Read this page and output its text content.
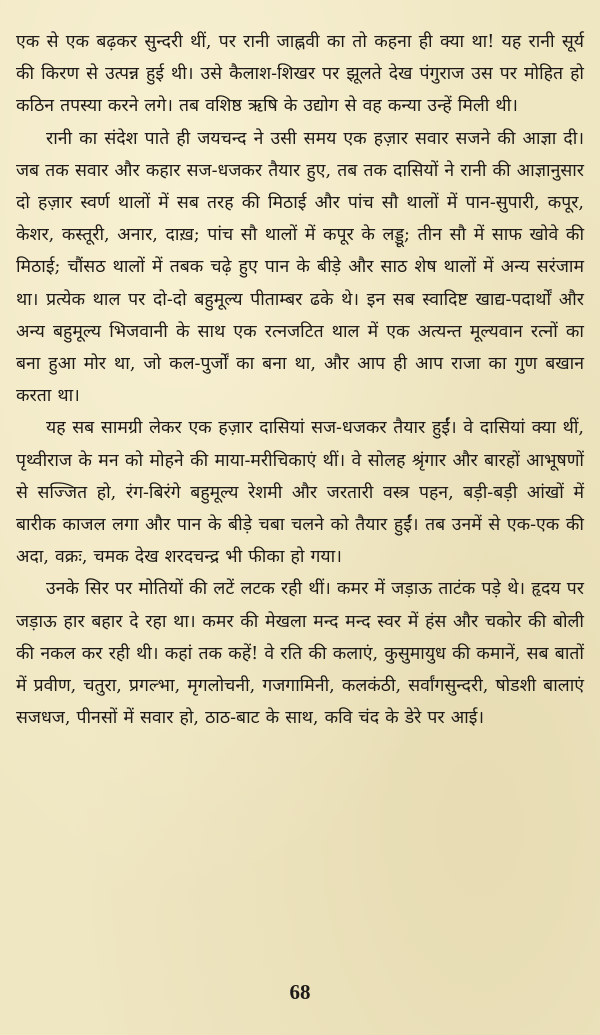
एक से एक बढ़कर सुन्दरी थीं, पर रानी जाह्नवी का तो कहना ही क्या था! यह रानी सूर्य की किरण से उत्पन्न हुई थी। उसे कैलाश-शिखर पर झूलते देख पंगुराज उस पर मोहित हो कठिन तपस्या करने लगे। तब वशिष्ठ ऋषि के उद्योग से वह कन्या उन्हें मिली थी।

रानी का संदेश पाते ही जयचन्द ने उसी समय एक हज़ार सवार सजने की आज्ञा दी। जब तक सवार और कहार सज-धजकर तैयार हुए, तब तक दासियों ने रानी की आज्ञानुसार दो हज़ार स्वर्ण थालों में सब तरह की मिठाई और पांच सौ थालों में पान-सुपारी, कपूर, केशर, कस्तूरी, अनार, दाख़; पांच सौ थालों में कपूर के लड्डू; तीन सौ में साफ खोवे की मिठाई; चौंसठ थालों में तबक चढ़े हुए पान के बीड़े और साठ शेष थालों में अन्य सरंजाम था। प्रत्येक थाल पर दो-दो बहुमूल्य पीताम्बर ढके थे। इन सब स्वादिष्ट खाद्य-पदार्थों और अन्य बहुमूल्य भिजवानी के साथ एक रत्नजटित थाल में एक अत्यन्त मूल्यवान रत्नों का बना हुआ मोर था, जो कल-पुर्जों का बना था, और आप ही आप राजा का गुण बखान करता था।

यह सब सामग्री लेकर एक हज़ार दासियां सज-धजकर तैयार हुईं। वे दासियां क्या थीं, पृथ्वीराज के मन को मोहने की माया-मरीचिकाएं थीं। वे सोलह श्रृंगार और बारहों आभूषणों से सज्जित हो, रंग-बिरंगे बहुमूल्य रेशमी और जरतारी वस्त्र पहन, बड़ी-बड़ी आंखों में बारीक काजल लगा और पान के बीड़े चबा चलने को तैयार हुईं। तब उनमें से एक-एक की अदा, वक्रः, चमक देख शरदचन्द्र भी फीका हो गया।

उनके सिर पर मोतियों की लटें लटक रही थीं। कमर में जड़ाऊ ताटंक पड़े थे। हृदय पर जड़ाऊ हार बहार दे रहा था। कमर की मेखला मन्द मन्द स्वर में हंस और चकोर की बोली की नकल कर रही थी। कहां तक कहें! वे रति की कलाएं, कुसुमायुध की कमानें, सब बातों में प्रवीण, चतुरा, प्रगल्भा, मृगलोचनी, गजगामिनी, कलकंठी, सर्वांगसुन्दरी, षोडशी बालाएं सजधज, पीनसों में सवार हो, ठाठ-बाट के साथ, कवि चंद के डेरे पर आई।

68
